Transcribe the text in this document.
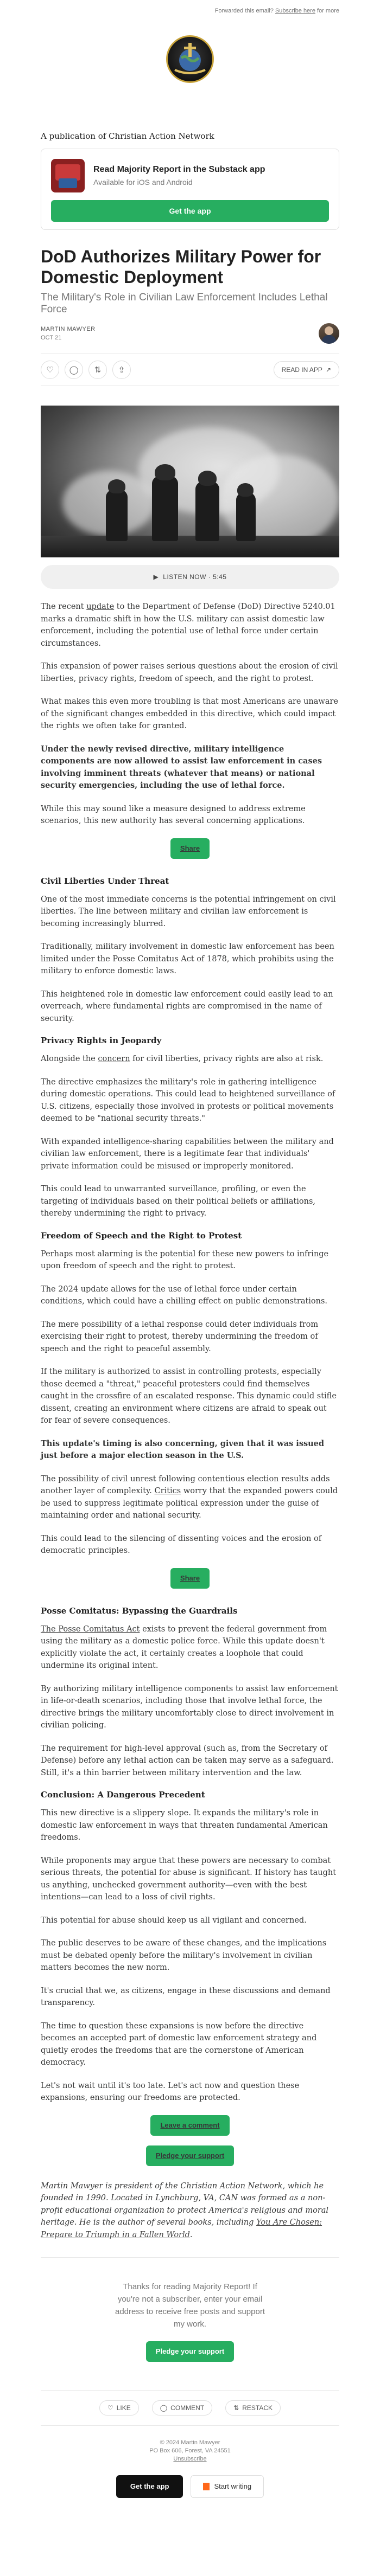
Forwarded this email? Subscribe here for more
A publication of Christian Action Network
Read Majority Report in the Substack app
Available for iOS and Android
Get the app
DoD Authorizes Military Power for Domestic Deployment
The Military's Role in Civilian Law Enforcement Includes Lethal Force
MARTIN MAWYER
OCT 21
♡ ◯ ⇅ ⇪	READ IN APP ↗
▶ LISTEN NOW · 5:45

The recent update to the Department of Defense (DoD) Directive 5240.01 marks a dramatic shift in how the U.S. military can assist domestic law enforcement, including the potential use of lethal force under certain circumstances.

This expansion of power raises serious questions about the erosion of civil liberties, privacy rights, freedom of speech, and the right to protest.

What makes this even more troubling is that most Americans are unaware of the significant changes embedded in this directive, which could impact the rights we often take for granted.

Under the newly revised directive, military intelligence components are now allowed to assist law enforcement in cases involving imminent threats (whatever that means) or national security emergencies, including the use of lethal force.

While this may sound like a measure designed to address extreme scenarios, this new authority has several concerning applications.

Share
Civil Liberties Under Threat

One of the most immediate concerns is the potential infringement on civil liberties. The line between military and civilian law enforcement is becoming increasingly blurred.

Traditionally, military involvement in domestic law enforcement has been limited under the Posse Comitatus Act of 1878, which prohibits using the military to enforce domestic laws.

This heightened role in domestic law enforcement could easily lead to an overreach, where fundamental rights are compromised in the name of security.

Privacy Rights in Jeopardy

Alongside the concern for civil liberties, privacy rights are also at risk.

The directive emphasizes the military's role in gathering intelligence during domestic operations. This could lead to heightened surveillance of U.S. citizens, especially those involved in protests or political movements deemed to be "national security threats."

With expanded intelligence-sharing capabilities between the military and civilian law enforcement, there is a legitimate fear that individuals' private information could be misused or improperly monitored.

This could lead to unwarranted surveillance, profiling, or even the targeting of individuals based on their political beliefs or affiliations, thereby undermining the right to privacy.

Freedom of Speech and the Right to Protest

Perhaps most alarming is the potential for these new powers to infringe upon freedom of speech and the right to protest.

The 2024 update allows for the use of lethal force under certain conditions, which could have a chilling effect on public demonstrations.

The mere possibility of a lethal response could deter individuals from exercising their right to protest, thereby undermining the freedom of speech and the right to peaceful assembly.

If the military is authorized to assist in controlling protests, especially those deemed a "threat," peaceful protesters could find themselves caught in the crossfire of an escalated response. This dynamic could stifle dissent, creating an environment where citizens are afraid to speak out for fear of severe consequences.

This update's timing is also concerning, given that it was issued just before a major election season in the U.S.

The possibility of civil unrest following contentious election results adds another layer of complexity. Critics worry that the expanded powers could be used to suppress legitimate political expression under the guise of maintaining order and national security.

This could lead to the silencing of dissenting voices and the erosion of democratic principles.

Share
Posse Comitatus: Bypassing the Guardrails

The Posse Comitatus Act exists to prevent the federal government from using the military as a domestic police force. While this update doesn't explicitly violate the act, it certainly creates a loophole that could undermine its original intent.

By authorizing military intelligence components to assist law enforcement in life-or-death scenarios, including those that involve lethal force, the directive brings the military uncomfortably close to direct involvement in civilian policing.

The requirement for high-level approval (such as, from the Secretary of Defense) before any lethal action can be taken may serve as a safeguard. Still, it's a thin barrier between military intervention and the law.

Conclusion: A Dangerous Precedent

This new directive is a slippery slope. It expands the military's role in domestic law enforcement in ways that threaten fundamental American freedoms.

While proponents may argue that these powers are necessary to combat serious threats, the potential for abuse is significant. If history has taught us anything, unchecked government authority—even with the best intentions—can lead to a loss of civil rights.

This potential for abuse should keep us all vigilant and concerned.

The public deserves to be aware of these changes, and the implications must be debated openly before the military's involvement in civilian matters becomes the new norm.

It's crucial that we, as citizens, engage in these discussions and demand transparency.

The time to question these expansions is now before the directive becomes an accepted part of domestic law enforcement strategy and quietly erodes the freedoms that are the cornerstone of American democracy.

Let's not wait until it's too late. Let's act now and question these expansions, ensuring our freedoms are protected.

Leave a comment
Pledge your support

Martin Mawyer is president of the Christian Action Network, which he founded in 1990. Located in Lynchburg, VA, CAN was formed as a non-profit educational organization to protect America's religious and moral heritage. He is the author of several books, including You Are Chosen: Prepare to Triumph in a Fallen World.

Thanks for reading Majority Report! If you're not a subscriber, enter your email address to receive free posts and support my work.
Pledge your support
♡ LIKE	◯ COMMENT	⇅ RESTACK
© 2024 Martin Mawyer
PO Box 606, Forest, VA 24551
Unsubscribe
Get the app	Start writing
